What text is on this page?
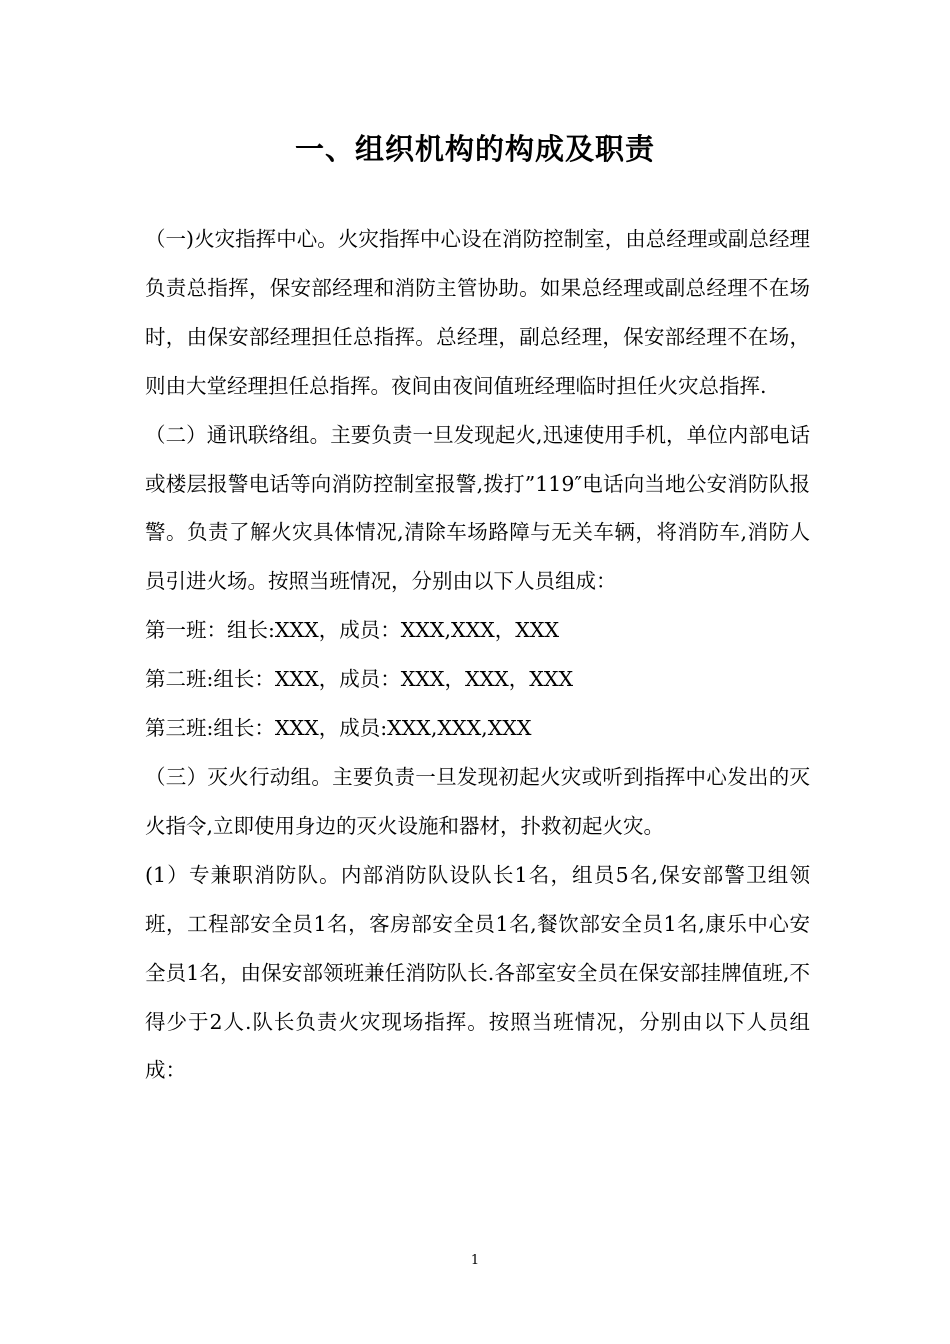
一、组织机构的构成及职责

（一)火灾指挥中心。火灾指挥中心设在消防控制室，由总经理或副总经理负责总指挥，保安部经理和消防主管协助。如果总经理或副总经理不在场时，由保安部经理担任总指挥。总经理，副总经理，保安部经理不在场，则由大堂经理担任总指挥。夜间由夜间值班经理临时担任火灾总指挥.

（二）通讯联络组。主要负责一旦发现起火,迅速使用手机，单位内部电话或楼层报警电话等向消防控制室报警,拨打”119″电话向当地公安消防队报警。负责了解火灾具体情况,清除车场路障与无关车辆，将消防车,消防人员引进火场。按照当班情况，分别由以下人员组成：

第一班：组长:XXX，成员：XXX,XXX，XXX

第二班:组长：XXX，成员：XXX，XXX，XXX

第三班:组长：XXX，成员:XXX,XXX,XXX

（三）灭火行动组。主要负责一旦发现初起火灾或听到指挥中心发出的灭火指令,立即使用身边的灭火设施和器材，扑救初起火灾。

(1）专兼职消防队。内部消防队设队长1名，组员5名,保安部警卫组领班，工程部安全员1名，客房部安全员1名,餐饮部安全员1名,康乐中心安全员1名，由保安部领班兼任消防队长.各部室安全员在保安部挂牌值班,不得少于2人.队长负责火灾现场指挥。按照当班情况，分别由以下人员组成：

1
